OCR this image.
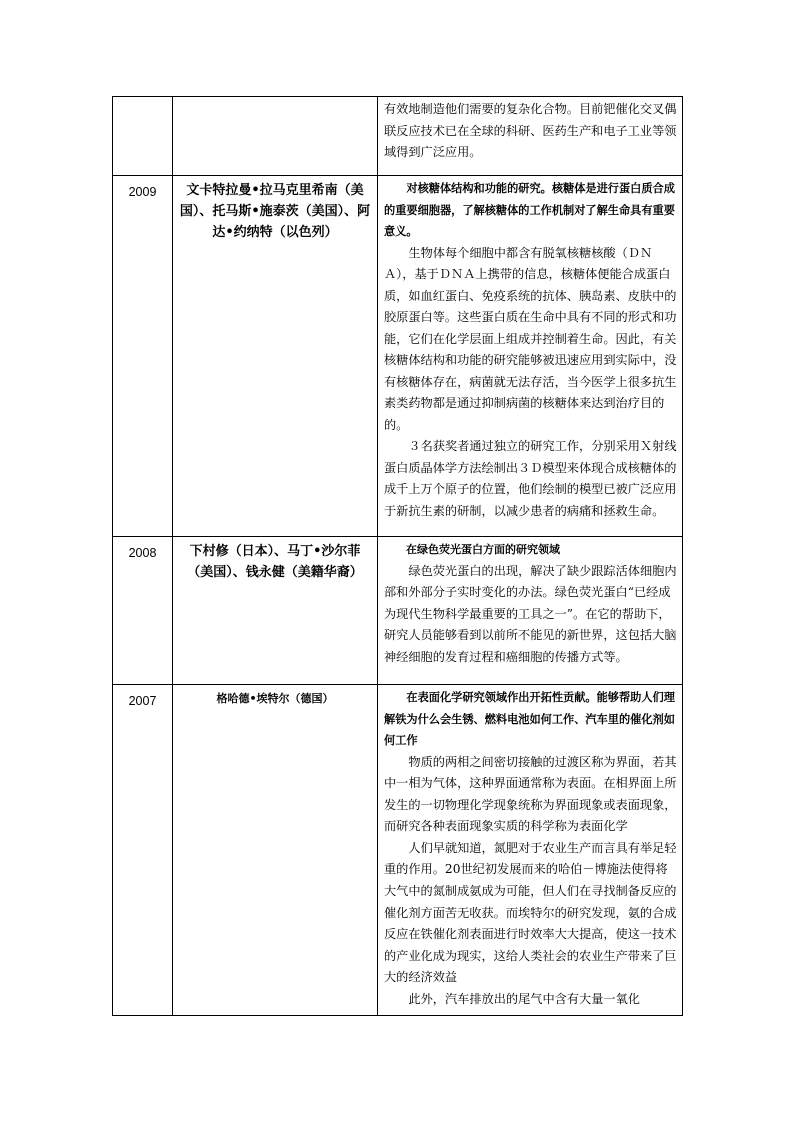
		有效地制造他们需要的复杂化合物。目前钯催化交叉偶联反应技术已在全球的科研、医药生产和电子工业等领域得到广泛应用。

2009	文卡特拉曼•拉马克里希南（美国）、托马斯•施泰茨（美国）、阿达•约纳特（以色列）	对核糖体结构和功能的研究。核糖体是进行蛋白质合成的重要细胞器，了解核糖体的工作机制对了解生命具有重要意义。

生物体每个细胞中都含有脱氧核糖核酸（ＤＮＡ），基于ＤＮＡ上携带的信息，核糖体便能合成蛋白质，如血红蛋白、免疫系统的抗体、胰岛素、皮肤中的胶原蛋白等。这些蛋白质在生命中具有不同的形式和功能，它们在化学层面上组成并控制着生命。因此，有关核糖体结构和功能的研究能够被迅速应用到实际中，没有核糖体存在，病菌就无法存活，当今医学上很多抗生素类药物都是通过抑制病菌的核糖体来达到治疗目的的。

３名获奖者通过独立的研究工作，分别采用Ｘ射线蛋白质晶体学方法绘制出３Ｄ模型来体现合成核糖体的成千上万个原子的位置，他们绘制的模型已被广泛应用于新抗生素的研制，以减少患者的病痛和拯救生命。

2008	下村修（日本）、马丁•沙尔菲（美国）、钱永健（美籍华裔）	在绿色荧光蛋白方面的研究领域

绿色荧光蛋白的出现，解决了缺少跟踪活体细胞内部和外部分子实时变化的办法。绿色荧光蛋白“已经成为现代生物科学最重要的工具之一”。在它的帮助下，研究人员能够看到以前所不能见的新世界，这包括大脑神经细胞的发育过程和癌细胞的传播方式等。

2007	格哈德•埃特尔（德国）	在表面化学研究领域作出开拓性贡献。能够帮助人们理解铁为什么会生锈、燃料电池如何工作、汽车里的催化剂如何工作

物质的两相之间密切接触的过渡区称为界面，若其中一相为气体，这种界面通常称为表面。在相界面上所发生的一切物理化学现象统称为界面现象或表面现象，而研究各种表面现象实质的科学称为表面化学

人们早就知道，氮肥对于农业生产而言具有举足轻重的作用。20世纪初发展而来的哈伯－博施法使得将大气中的氮制成氨成为可能，但人们在寻找制备反应的催化剂方面苦无收获。而埃特尔的研究发现，氨的合成反应在铁催化剂表面进行时效率大大提高，使这一技术的产业化成为现实，这给人类社会的农业生产带来了巨大的经济效益

此外，汽车排放出的尾气中含有大量一氧化
